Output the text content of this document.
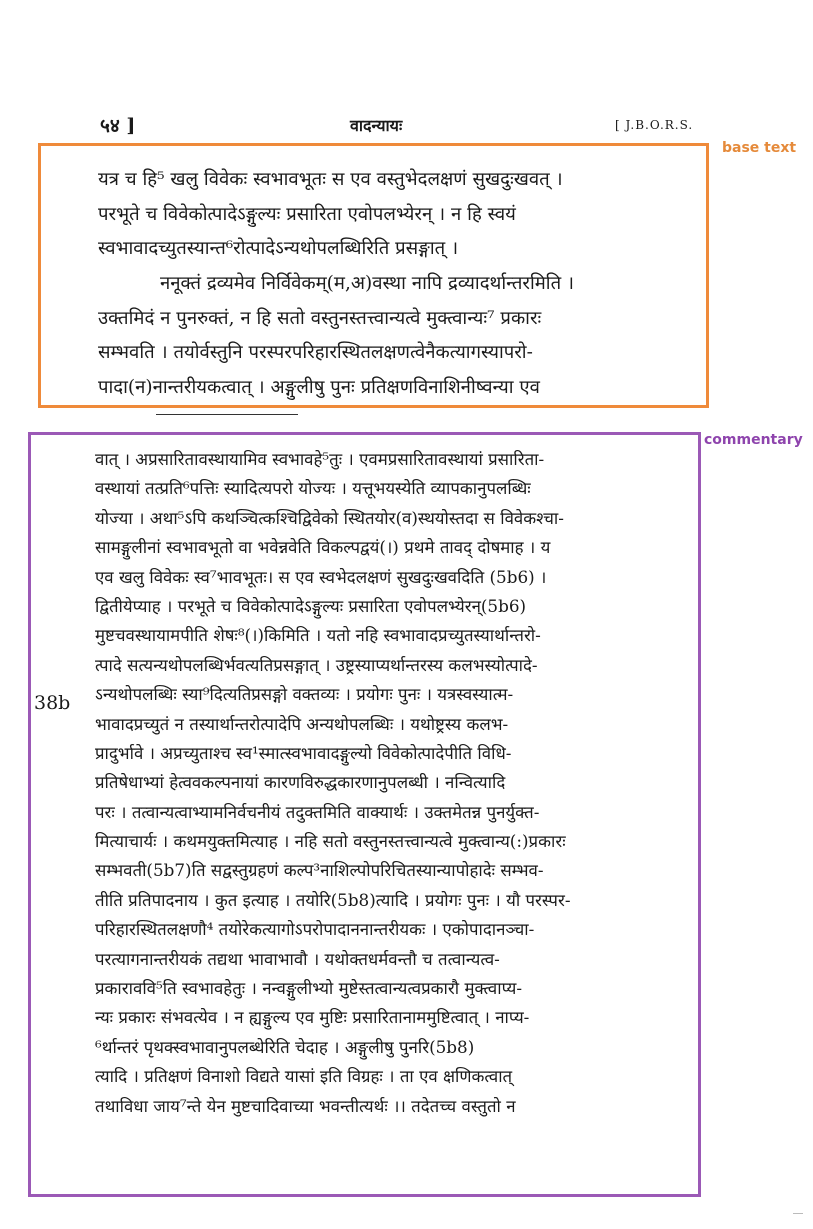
५४ ]	वादन्यायः	[ J.B.O.R.S.
base text
यत्र च हि⁵ खलु विवेकः स्वभावभूतः स एव वस्तुभेदलक्षणं सुखदुःखवत् ।
परभूते च विवेकोत्पादेऽङ्गुल्यः प्रसारिता एवोपलभ्येरन् । न हि स्वयं
स्वभावादच्युतस्यान्त⁶रोत्पादेऽन्यथोपलब्धिरिति प्रसङ्गात् ।
ननूक्तं द्रव्यमेव निर्विवेकम्(म,अ)वस्था नापि द्रव्यादर्थान्तरमिति ।
उक्तमिदं न पुनरुक्तं, न हि सतो वस्तुनस्तत्त्वान्यत्वे मुक्त्वान्यः⁷ प्रकारः
सम्भवति । तयोर्वस्तुनि परस्परपरिहारस्थितलक्षणत्वेनैकत्यागस्यापरो-
पादा(न)नान्तरीयकत्वात् । अङ्गुलीषु पुनः प्रतिक्षणविनाशिनीष्वन्या एव
commentary
38b
वात् । अप्रसारितावस्थायामिव स्वभावहे⁵तुः । एवमप्रसारितावस्थायां प्रसारिता-
वस्थायां तत्प्रति⁶पत्तिः स्यादित्यपरो योज्यः । यत्तूभयस्येति व्यापकानुपलब्धिः
योज्या । अथा⁵ऽपि कथञ्चित्कश्चिद्विवेको स्थितयोर(व)स्थयोस्तदा स विवेकश्चा-
सामङ्गुलीनां स्वभावभूतो वा भवेन्नवेति विकल्पद्वयं(।) प्रथमे तावद् दोषमाह । य
एव खलु विवेकः स्व⁷भावभूतः। स एव स्वभेदलक्षणं सुखदुःखवदिति (5b6) ।
द्वितीयेप्याह । परभूते च विवेकोत्पादेऽङ्गुल्यः प्रसारिता एवोपलभ्येरन्(5b6)
मुष्टचवस्थायामपीति शेषः⁸(।)किमिति । यतो नहि स्वभावादप्रच्युतस्यार्थान्तरो-
त्पादे सत्यन्यथोपलब्धिर्भवत्यतिप्रसङ्गात् । उष्ट्रस्याप्यर्थान्तरस्य कलभस्योत्पादे-
ऽन्यथोपलब्धिः स्या⁹दित्यतिप्रसङ्गो वक्तव्यः । प्रयोगः पुनः । यत्रस्वस्यात्म-
भावादप्रच्युतं न तस्यार्थान्तरोत्पादेपि अन्यथोपलब्धिः । यथोष्ट्रस्य कलभ-
प्रादुर्भावे । अप्रच्युताश्च स्व¹स्मात्स्वभावादङ्गुल्यो विवेकोत्पादेपीति विधि-
प्रतिषेधाभ्यां हेत्ववकल्पनायां कारणविरुद्धकारणानुपलब्धी । नन्वित्यादि
परः । तत्वान्यत्वाभ्यामनिर्वचनीयं तदुक्तमिति वाक्यार्थः । उक्तमेतन्न पुनर्युक्त-
मित्याचार्यः । कथमयुक्तमित्याह । नहि सतो वस्तुनस्तत्त्वान्यत्वे मुक्त्वान्य(:)प्रकारः
सम्भवती(5b7)ति सद्वस्तुग्रहणं कल्प³नाशिल्पोपरिचितस्यान्यापोहादेः सम्भव-
तीति प्रतिपादनाय । कुत इत्याह । तयोरि(5b8)त्यादि । प्रयोगः पुनः । यौ परस्पर-
परिहारस्थितलक्षणौ⁴ तयोरेकत्यागोऽपरोपादाननान्तरीयकः । एकोपादानञ्चा-
परत्यागनान्तरीयकं तद्यथा भावाभावौ । यथोक्तधर्मवन्तौ च तत्वान्यत्व-
प्रकाराववि⁵ति स्वभावहेतुः । नन्वङ्गुलीभ्यो मुष्टेस्तत्वान्यत्वप्रकारौ मुक्त्वाप्य-
न्यः प्रकारः संभवत्येव । न ह्यङ्गुल्य एव मुष्टिः प्रसारितानाममुष्टित्वात् । नाप्य-
⁶र्थान्तरं पृथक्स्वभावानुपलब्धेरिति चेदाह । अङ्गुलीषु पुनरि(5b8)
त्यादि । प्रतिक्षणं विनाशो विद्यते यासां इति विग्रहः । ता एव क्षणिकत्वात्
तथाविधा जाय⁷न्ते येन मुष्टचादिवाच्या भवन्तीत्यर्थः ।। तदेतच्च वस्तुतो न
